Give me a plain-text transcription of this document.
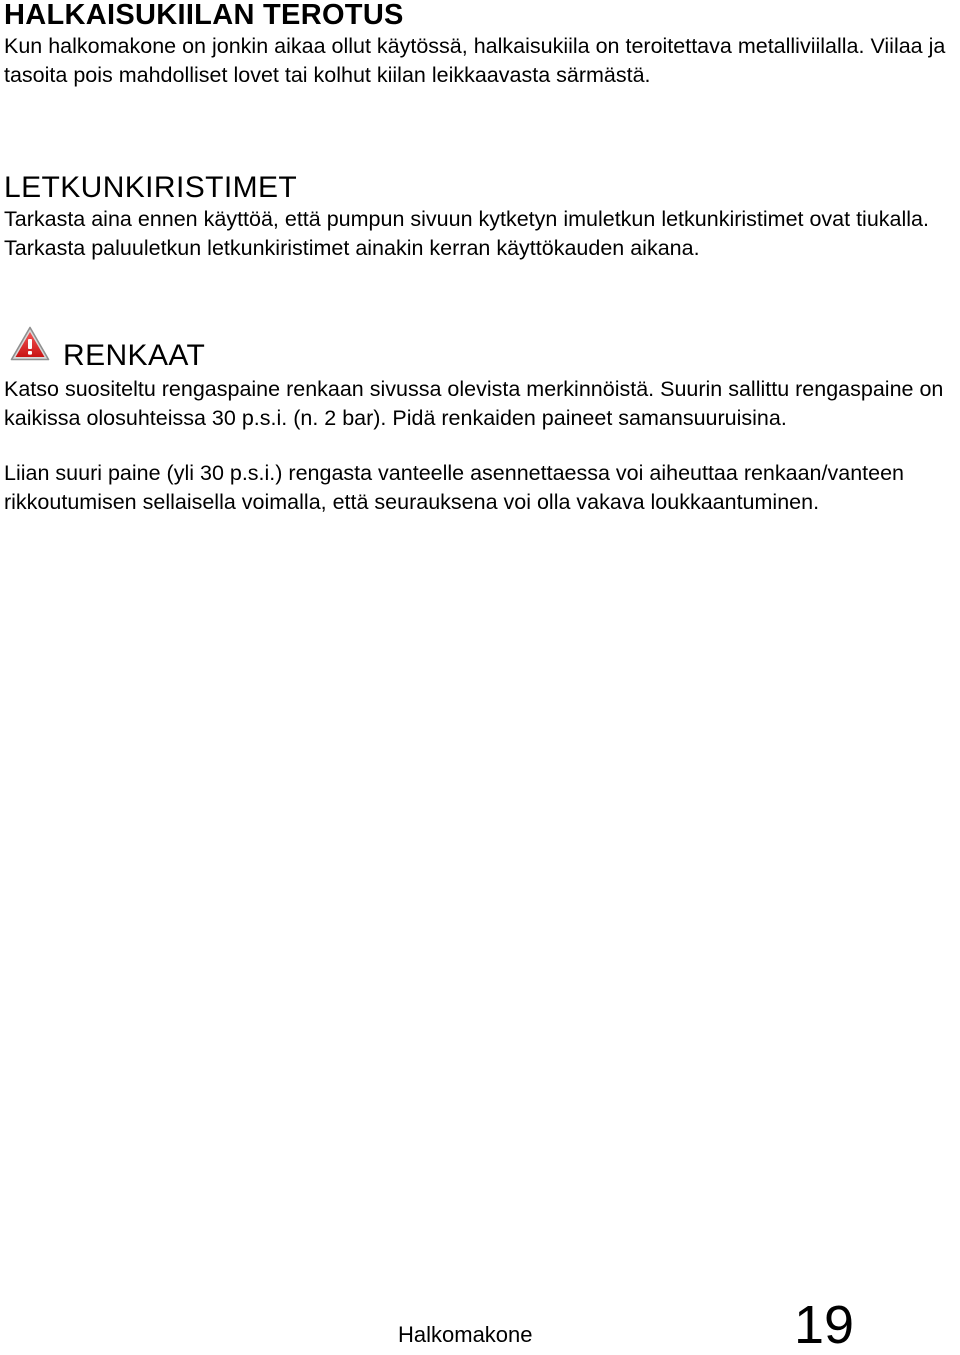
HALKAISUKIILAN TEROTUS

Kun halkomakone on jonkin aikaa ollut käytössä, halkaisukiila on teroitettava metalliviilalla. Viilaa ja tasoita pois mahdolliset lovet tai kolhut kiilan leikkaavasta särmästä.

LETKUNKIRISTIMET

Tarkasta aina ennen käyttöä, että pumpun sivuun kytketyn imuletkun letkunkiristimet ovat tiukalla. Tarkasta paluuletkun letkunkiristimet ainakin kerran käyttökauden aikana.

RENKAAT

Katso suositeltu rengaspaine renkaan sivussa olevista merkinnöistä. Suurin sallittu rengaspaine on kaikissa olosuhteissa 30 p.s.i. (n. 2 bar). Pidä renkaiden paineet samansuuruisina.

Liian suuri paine (yli 30 p.s.i.) rengasta vanteelle asennettaessa voi aiheuttaa renkaan/vanteen rikkoutumisen sellaisella voimalla, että seurauksena voi olla vakava loukkaantuminen.

Halkomakone	19
